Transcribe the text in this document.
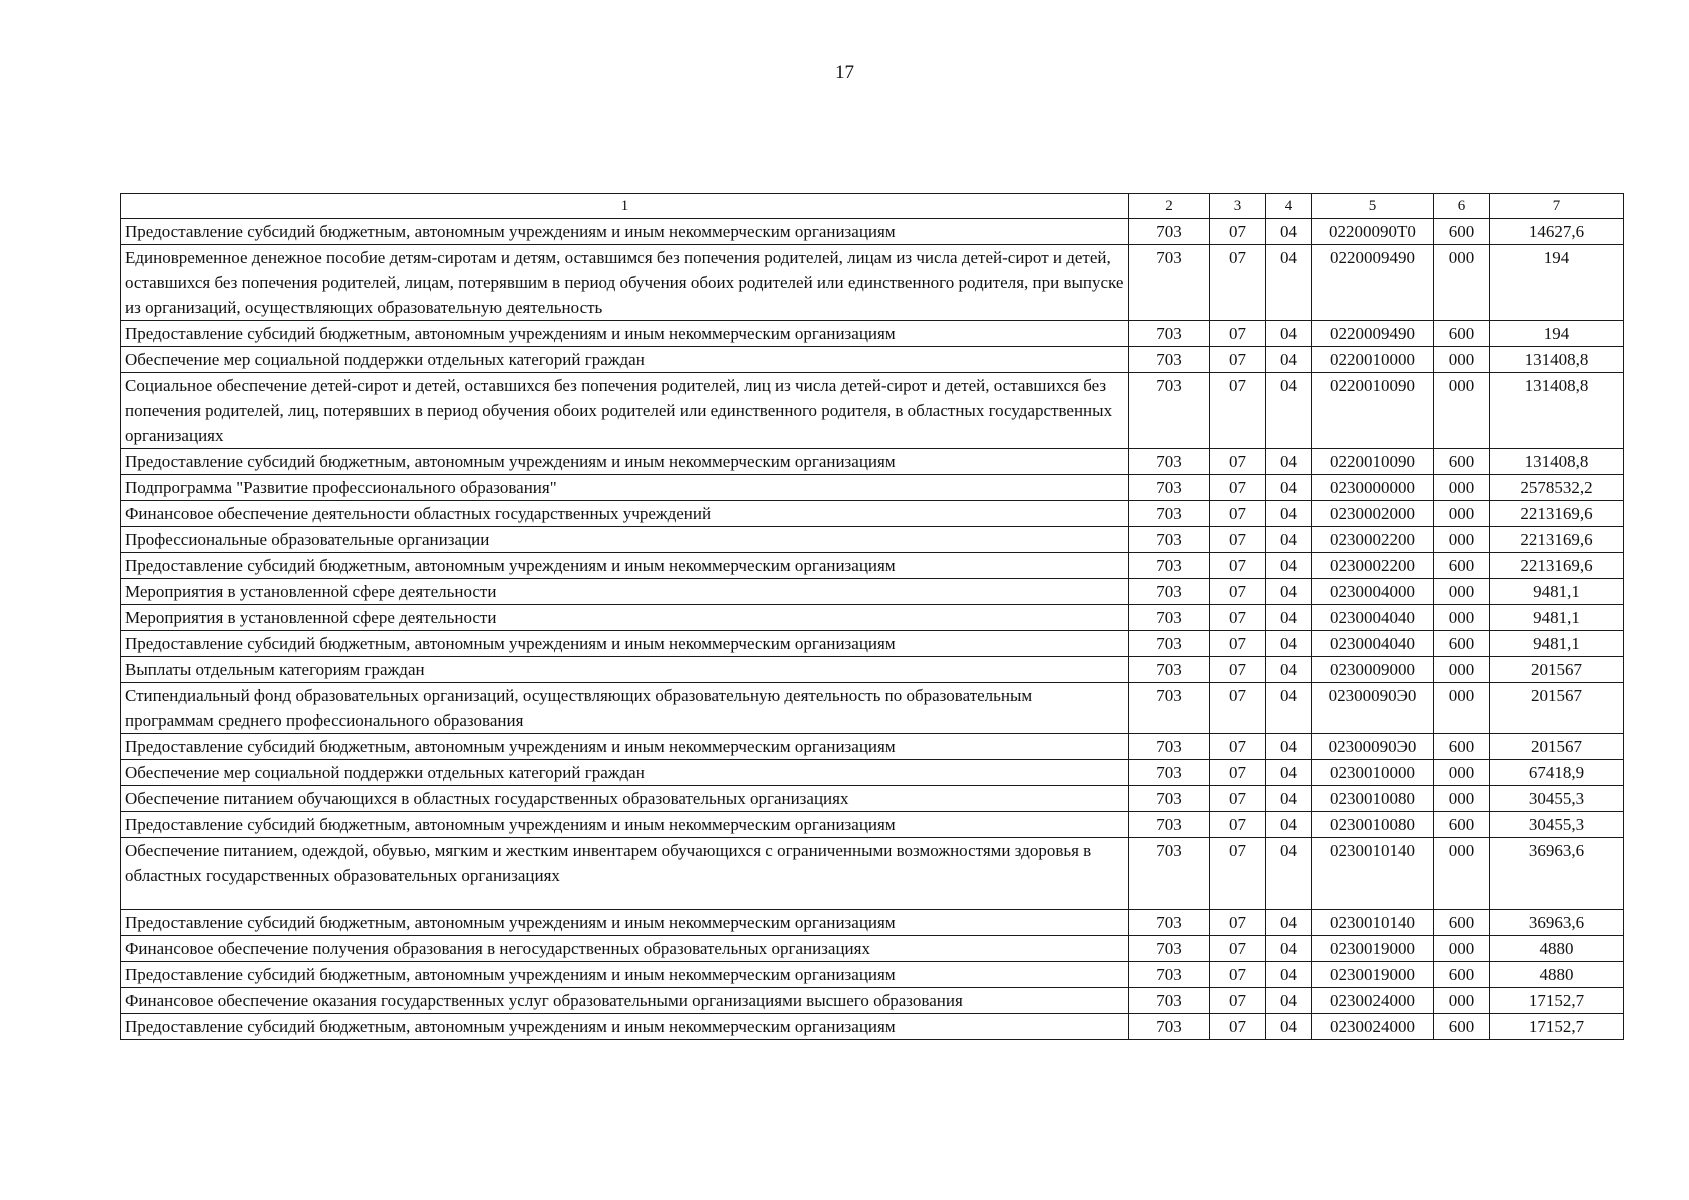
17
1	2	3	4	5	6	7
Предоставление субсидий бюджетным, автономным учреждениям и иным некоммерческим организациям	703	07	04	02200090Т0	600	14627,6
Единовременное денежное пособие детям-сиротам и детям, оставшимся без попечения родителей, лицам из числа детей-сирот и детей, оставшихся без попечения родителей, лицам, потерявшим в период обучения обоих родителей или единственного родителя, при выпуске из организаций, осуществляющих образовательную деятельность	703	07	04	0220009490	000	194
Предоставление субсидий бюджетным, автономным учреждениям и иным некоммерческим организациям	703	07	04	0220009490	600	194
Обеспечение мер социальной поддержки отдельных категорий граждан	703	07	04	0220010000	000	131408,8
Социальное обеспечение детей-сирот и детей, оставшихся без попечения родителей, лиц из числа детей-сирот и детей, оставшихся без попечения родителей, лиц, потерявших в период обучения обоих родителей или единственного родителя, в областных государственных организациях	703	07	04	0220010090	000	131408,8
Предоставление субсидий бюджетным, автономным учреждениям и иным некоммерческим организациям	703	07	04	0220010090	600	131408,8
Подпрограмма "Развитие профессионального образования"	703	07	04	0230000000	000	2578532,2
Финансовое обеспечение деятельности областных государственных учреждений	703	07	04	0230002000	000	2213169,6
Профессиональные образовательные организации	703	07	04	0230002200	000	2213169,6
Предоставление субсидий бюджетным, автономным учреждениям и иным некоммерческим организациям	703	07	04	0230002200	600	2213169,6
Мероприятия в установленной сфере деятельности	703	07	04	0230004000	000	9481,1
Мероприятия в установленной сфере деятельности	703	07	04	0230004040	000	9481,1
Предоставление субсидий бюджетным, автономным учреждениям и иным некоммерческим организациям	703	07	04	0230004040	600	9481,1
Выплаты отдельным категориям граждан	703	07	04	0230009000	000	201567
Стипендиальный фонд образовательных организаций, осуществляющих образовательную деятельность по образовательным программам среднего профессионального образования	703	07	04	02300090Э0	000	201567
Предоставление субсидий бюджетным, автономным учреждениям и иным некоммерческим организациям	703	07	04	02300090Э0	600	201567
Обеспечение мер социальной поддержки отдельных категорий граждан	703	07	04	0230010000	000	67418,9
Обеспечение питанием обучающихся в областных государственных образовательных организациях	703	07	04	0230010080	000	30455,3
Предоставление субсидий бюджетным, автономным учреждениям и иным некоммерческим организациям	703	07	04	0230010080	600	30455,3
Обеспечение питанием, одеждой, обувью, мягким и жестким инвентарем обучающихся с ограниченными возможностями здоровья в областных государственных образовательных организациях	703	07	04	0230010140	000	36963,6
Предоставление субсидий бюджетным, автономным учреждениям и иным некоммерческим организациям	703	07	04	0230010140	600	36963,6
Финансовое обеспечение получения образования в негосударственных образовательных организациях	703	07	04	0230019000	000	4880
Предоставление субсидий бюджетным, автономным учреждениям и иным некоммерческим организациям	703	07	04	0230019000	600	4880
Финансовое обеспечение оказания государственных услуг образовательными организациями высшего образования	703	07	04	0230024000	000	17152,7
Предоставление субсидий бюджетным, автономным учреждениям и иным некоммерческим организациям	703	07	04	0230024000	600	17152,7
